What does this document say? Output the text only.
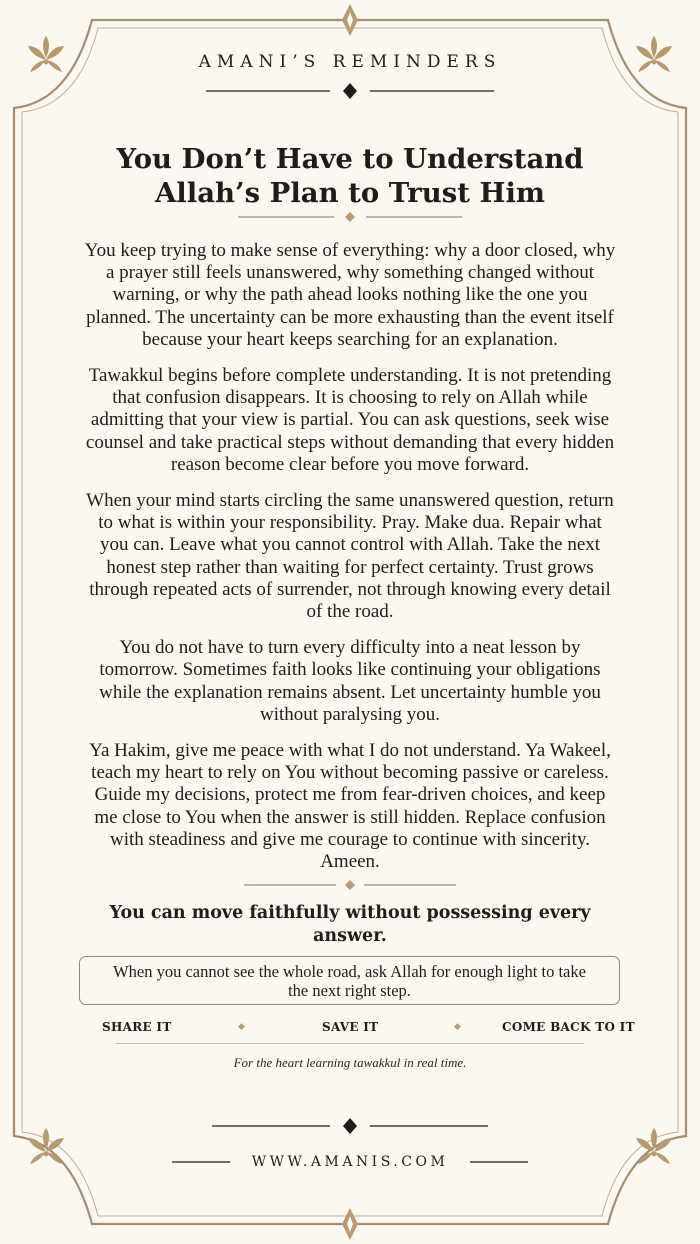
AMANI’S REMINDERS
You Don’t Have to Understand
Allah’s Plan to Trust Him

You keep trying to make sense of everything: why a door closed, why a prayer still feels unanswered, why something changed without warning, or why the path ahead looks nothing like the one you planned. The uncertainty can be more exhausting than the event itself because your heart keeps searching for an explanation.

Tawakkul begins before complete understanding. It is not pretending that confusion disappears. It is choosing to rely on Allah while admitting that your view is partial. You can ask questions, seek wise counsel and take practical steps without demanding that every hidden reason become clear before you move forward.

When your mind starts circling the same unanswered question, return to what is within your responsibility. Pray. Make dua. Repair what you can. Leave what you cannot control with Allah. Take the next honest step rather than waiting for perfect certainty. Trust grows through repeated acts of surrender, not through knowing every detail of the road.

You do not have to turn every difficulty into a neat lesson by tomorrow. Sometimes faith looks like continuing your obligations while the explanation remains absent. Let uncertainty humble you without paralysing you.

Ya Hakim, give me peace with what I do not understand. Ya Wakeel, teach my heart to rely on You without becoming passive or careless. Guide my decisions, protect me from fear-driven choices, and keep me close to You when the answer is still hidden. Replace confusion with steadiness and give me courage to continue with sincerity. Ameen.

You can move faithfully without possessing every answer.
When you cannot see the whole road, ask Allah for enough light to take the next right step.
SHARE IT	◆	SAVE IT	◆	COME BACK TO IT
For the heart learning tawakkul in real time.
WWW.AMANIS.COM
